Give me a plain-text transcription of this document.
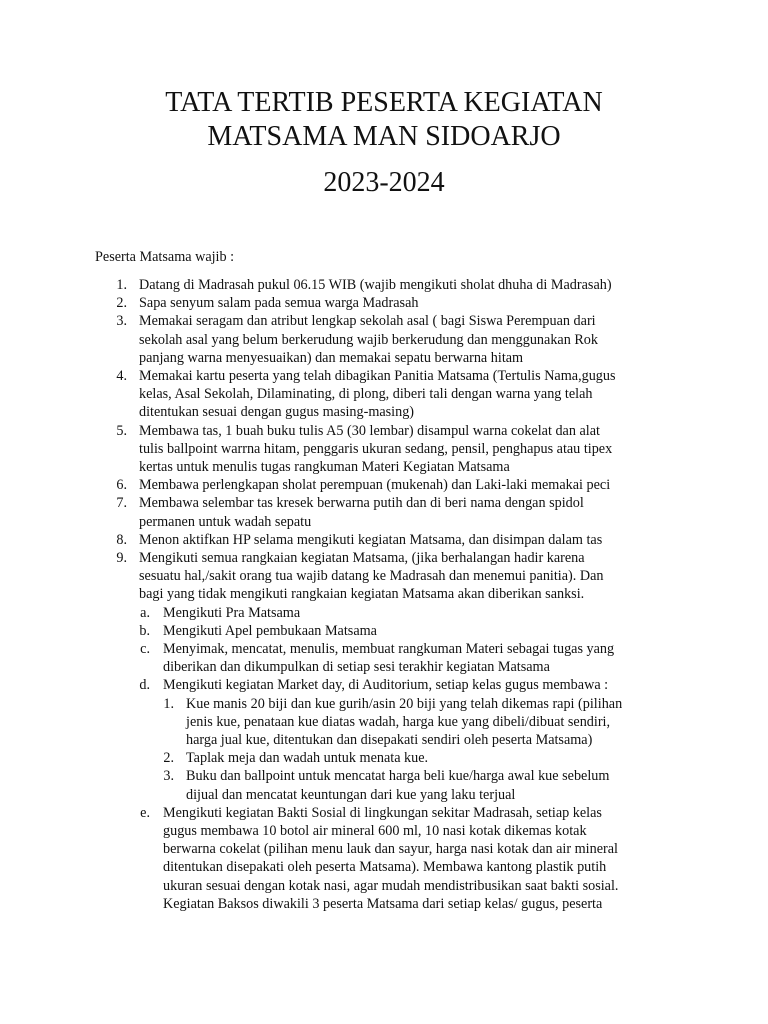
TATA TERTIB PESERTA KEGIATAN
MATSAMA MAN SIDOARJO
2023-2024
Peserta Matsama wajib :
1. Datang di Madrasah pukul 06.15 WIB (wajib mengikuti sholat dhuha di Madrasah)
2. Sapa senyum salam pada semua warga Madrasah
3. Memakai seragam dan atribut lengkap sekolah asal ( bagi Siswa Perempuan dari
sekolah asal yang belum berkerudung wajib berkerudung dan menggunakan Rok
panjang warna menyesuaikan) dan memakai sepatu berwarna hitam
4. Memakai kartu peserta yang telah dibagikan Panitia Matsama (Tertulis Nama,gugus
kelas, Asal Sekolah, Dilaminating, di plong, diberi tali dengan warna yang telah
ditentukan sesuai dengan gugus masing-masing)
5. Membawa tas, 1 buah buku tulis A5 (30 lembar) disampul warna cokelat dan alat
tulis ballpoint warrna hitam, penggaris ukuran sedang, pensil, penghapus atau tipex
kertas untuk menulis tugas rangkuman Materi Kegiatan Matsama
6. Membawa perlengkapan sholat perempuan (mukenah) dan Laki-laki memakai peci
7. Membawa selembar tas kresek berwarna putih dan di beri nama dengan spidol
permanen untuk wadah sepatu
8. Menon aktifkan HP selama mengikuti kegiatan Matsama, dan disimpan dalam tas
9. Mengikuti semua rangkaian kegiatan Matsama, (jika berhalangan hadir karena
sesuatu hal,/sakit orang tua wajib datang ke Madrasah dan menemui panitia). Dan
bagi yang tidak mengikuti rangkaian kegiatan Matsama akan diberikan sanksi.
a. Mengikuti Pra Matsama
b. Mengikuti Apel pembukaan Matsama
c. Menyimak, mencatat, menulis, membuat rangkuman Materi sebagai tugas yang
diberikan dan dikumpulkan di setiap sesi terakhir kegiatan Matsama
d. Mengikuti kegiatan Market day, di Auditorium, setiap kelas gugus membawa :
1. Kue manis 20 biji dan kue gurih/asin 20 biji yang telah dikemas rapi (pilihan
jenis kue, penataan kue diatas wadah, harga kue yang dibeli/dibuat sendiri,
harga jual kue, ditentukan dan disepakati sendiri oleh peserta Matsama)
2. Taplak meja dan wadah untuk menata kue.
3. Buku dan ballpoint untuk mencatat harga beli kue/harga awal kue sebelum
dijual dan mencatat keuntungan dari kue yang laku terjual
e. Mengikuti kegiatan Bakti Sosial di lingkungan sekitar Madrasah, setiap kelas
gugus membawa 10 botol air mineral 600 ml, 10 nasi kotak dikemas kotak
berwarna cokelat (pilihan menu lauk dan sayur, harga nasi kotak dan air mineral
ditentukan disepakati oleh peserta Matsama). Membawa kantong plastik putih
ukuran sesuai dengan kotak nasi, agar mudah mendistribusikan saat bakti sosial.
Kegiatan Baksos diwakili 3 peserta Matsama dari setiap kelas/ gugus, peserta
